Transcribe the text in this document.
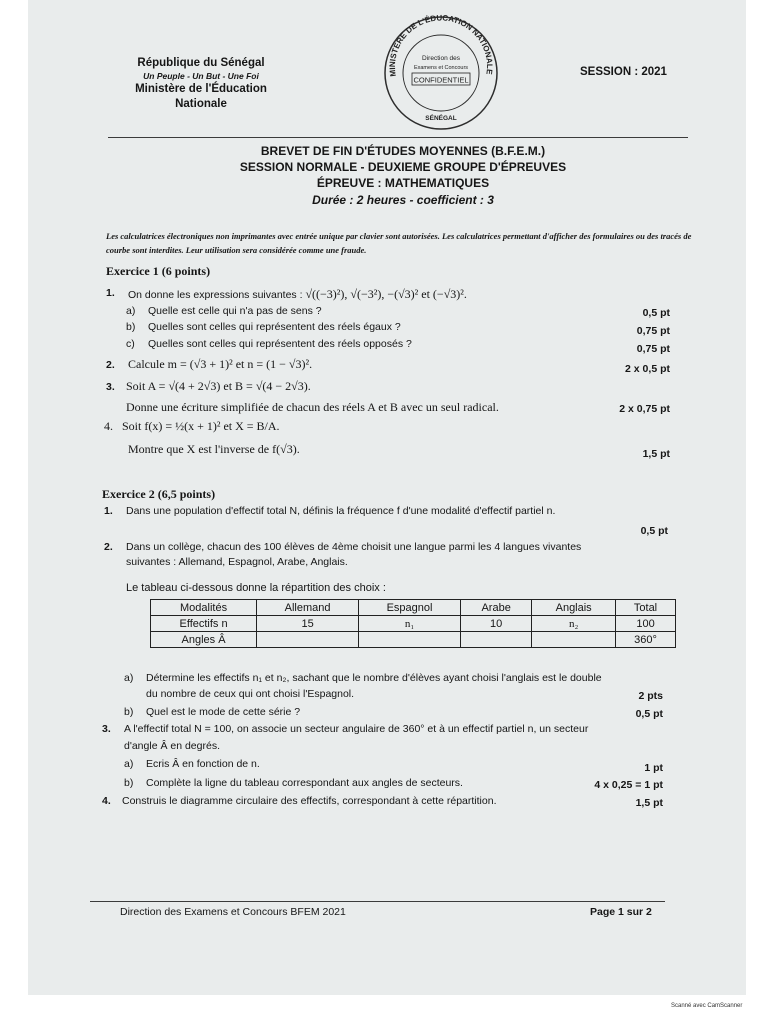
République du Sénégal
Un Peuple - Un But - Une Foi
Ministère de l'Éducation
Nationale
MINISTÈRE DE L'ÉDUCATION NATIONALE
Direction des
Examens et Concours
CONFIDENTIEL
SÉNÉGAL
SESSION : 2021
BREVET DE FIN D'ÉTUDES MOYENNES (B.F.E.M.)
SESSION NORMALE - DEUXIEME GROUPE D'ÉPREUVES
ÉPREUVE : MATHEMATIQUES
Durée : 2 heures - coefficient : 3
Les calculatrices électroniques non imprimantes avec entrée unique par clavier sont autorisées. Les calculatrices permettant d'afficher des formulaires ou des tracés de courbe sont interdites. Leur utilisation sera considérée comme une fraude.
Exercice 1 (6 points)
1. On donne les expressions suivantes : √((−3)²), √(−3²), −(√3)² et (−√3)².
a) Quelle est celle qui n'a pas de sens ?	0,5 pt
b) Quelles sont celles qui représentent des réels égaux ?	0,75 pt
c) Quelles sont celles qui représentent des réels opposés ?	0,75 pt
2. Calcule m = (√3 + 1)² et n = (1 − √3)².	2 x 0,5 pt
3. Soit A = √(4 + 2√3) et B = √(4 − 2√3).
Donne une écriture simplifiée de chacun des réels A et B avec un seul radical.	2 x 0,75 pt
4. Soit f(x) = ½(x + 1)² et X = B/A.
Montre que X est l'inverse de f(√3).	1,5 pt
Exercice 2 (6,5 points)
1. Dans une population d'effectif total N, définis la fréquence f d'une modalité d'effectif partiel n.
0,5 pt
2. Dans un collège, chacun des 100 élèves de 4ème choisit une langue parmi les 4 langues vivantes
suivantes : Allemand, Espagnol, Arabe, Anglais.
Le tableau ci-dessous donne la répartition des choix :
Modalités	Allemand	Espagnol	Arabe	Anglais	Total
Effectifs n	15	n₁	10	n₂	100
Angles Â					360°
a) Détermine les effectifs n₁ et n₂, sachant que le nombre d'élèves ayant choisi l'anglais est le double
du nombre de ceux qui ont choisi l'Espagnol.	2 pts
b) Quel est le mode de cette série ?	0,5 pt
3. A l'effectif total N = 100, on associe un secteur angulaire de 360° et à un effectif partiel n, un secteur
d'angle Â en degrés.
a) Ecris Â en fonction de n.	1 pt
b) Complète la ligne du tableau correspondant aux angles de secteurs.	4 x 0,25 = 1 pt
4. Construis le diagramme circulaire des effectifs, correspondant à cette répartition.	1,5 pt
Direction des Examens et Concours BFEM 2021	Page 1 sur 2
Scanné avec CamScanner
